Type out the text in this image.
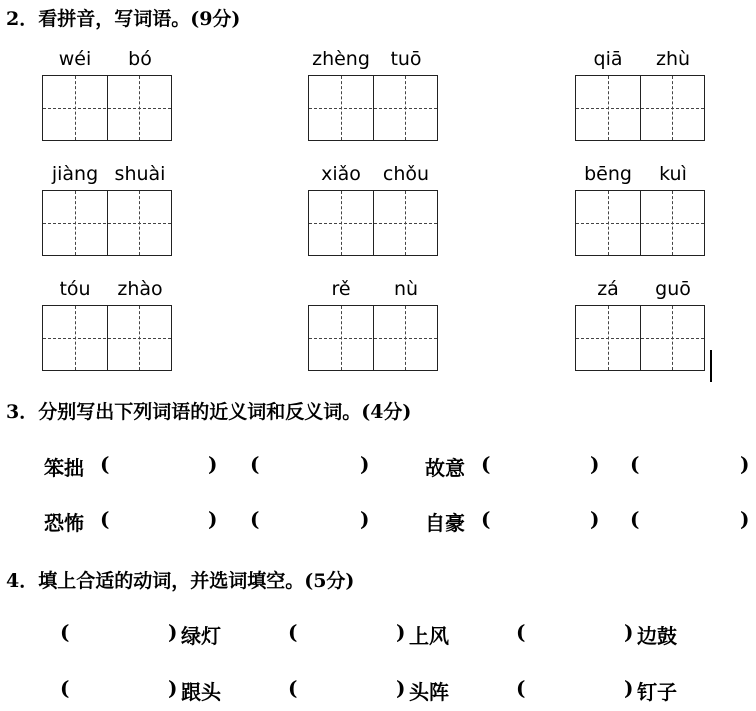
2．看拼音，写词语。(9分)
wéi bó	zhèng tuō	qiā zhù
jiàng shuài	xiǎo chǒu	bēng kuì
tóu zhào	rě nù	zá guō
3．分别写出下列词语的近义词和反义词。(4分)
笨拙 (	) (	)	故意 (	) (	)
恐怖 (	) (	)	自豪 (	) (	)
4．填上合适的动词，并选词填空。(5分)
(	) 绿灯	(	) 上风	(	) 边鼓
(	) 跟头	(	) 头阵	(	) 钉子
